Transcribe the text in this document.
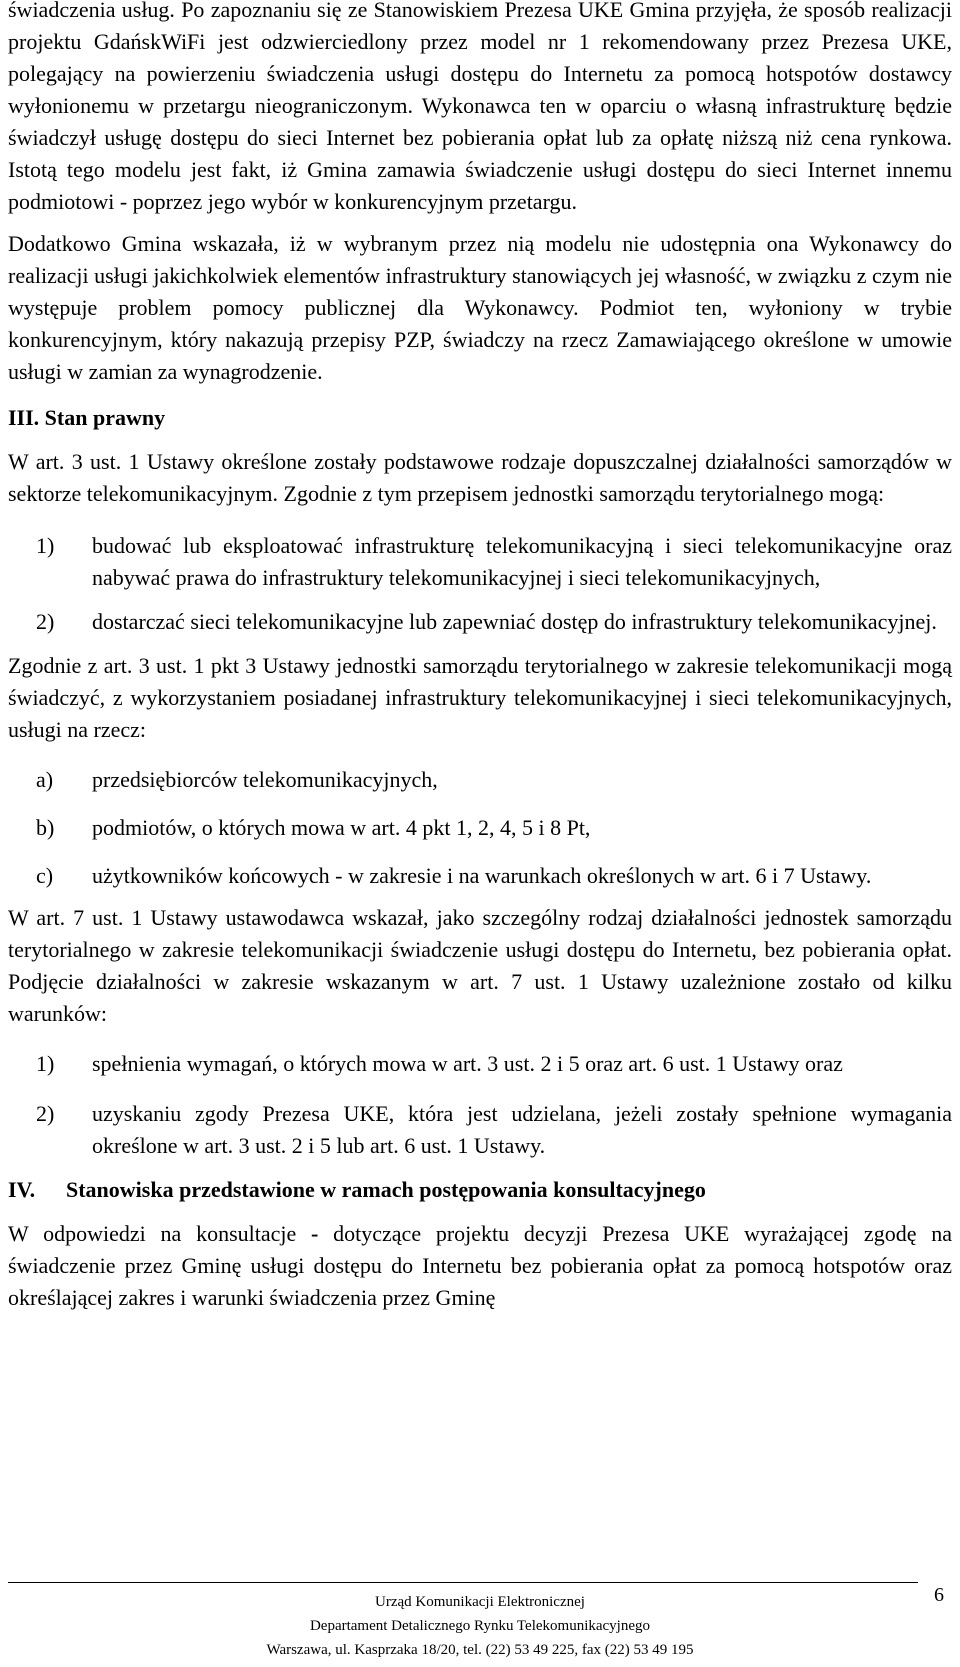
świadczenia usług. Po zapoznaniu się ze Stanowiskiem Prezesa UKE Gmina przyjęła, że sposób realizacji projektu GdańskWiFi jest odzwierciedlony przez model nr 1 rekomendowany przez Prezesa UKE, polegający na powierzeniu świadczenia usługi dostępu do Internetu za pomocą hotspotów dostawcy wyłonionemu w przetargu nieograniczonym. Wykonawca ten w oparciu o własną infrastrukturę będzie świadczył usługę dostępu do sieci Internet bez pobierania opłat lub za opłatę niższą niż cena rynkowa. Istotą tego modelu jest fakt, iż Gmina zamawia świadczenie usługi dostępu do sieci Internet innemu podmiotowi - poprzez jego wybór w konkurencyjnym przetargu.

Dodatkowo Gmina wskazała, iż w wybranym przez nią modelu nie udostępnia ona Wykonawcy do realizacji usługi jakichkolwiek elementów infrastruktury stanowiących jej własność, w związku z czym nie występuje problem pomocy publicznej dla Wykonawcy. Podmiot ten, wyłoniony w trybie konkurencyjnym, który nakazują przepisy PZP, świadczy na rzecz Zamawiającego określone w umowie usługi w zamian za wynagrodzenie.

III. Stan prawny

W art. 3 ust. 1 Ustawy określone zostały podstawowe rodzaje dopuszczalnej działalności samorządów w sektorze telekomunikacyjnym. Zgodnie z tym przepisem jednostki samorządu terytorialnego mogą:

1)	budować lub eksploatować infrastrukturę telekomunikacyjną i sieci telekomunikacyjne oraz nabywać prawa do infrastruktury telekomunikacyjnej i sieci telekomunikacyjnych,
2)	dostarczać sieci telekomunikacyjne lub zapewniać dostęp do infrastruktury telekomunikacyjnej.

Zgodnie z art. 3 ust. 1 pkt 3 Ustawy jednostki samorządu terytorialnego w zakresie telekomunikacji mogą świadczyć, z wykorzystaniem posiadanej infrastruktury telekomunikacyjnej i sieci telekomunikacyjnych, usługi na rzecz:

a)	przedsiębiorców telekomunikacyjnych,
b)	podmiotów, o których mowa w art. 4 pkt 1, 2, 4, 5 i 8 Pt,
c)	użytkowników końcowych - w zakresie i na warunkach określonych w art. 6 i 7 Ustawy.

W art. 7 ust. 1 Ustawy ustawodawca wskazał, jako szczególny rodzaj działalności jednostek samorządu terytorialnego w zakresie telekomunikacji świadczenie usługi dostępu do Internetu, bez pobierania opłat. Podjęcie działalności w zakresie wskazanym w art. 7 ust. 1 Ustawy uzależnione zostało od kilku warunków:

1)	spełnienia wymagań, o których mowa w art. 3 ust. 2 i 5 oraz art. 6 ust. 1 Ustawy oraz
2)	uzyskaniu zgody Prezesa UKE, która jest udzielana, jeżeli zostały spełnione wymagania określone w art. 3 ust. 2 i 5 lub art. 6 ust. 1 Ustawy.

IV.	Stanowiska przedstawione w ramach postępowania konsultacyjnego

W odpowiedzi na konsultacje - dotyczące projektu decyzji Prezesa UKE wyrażającej zgodę na świadczenie przez Gminę usługi dostępu do Internetu bez pobierania opłat za pomocą hotspotów oraz określającej zakres i warunki świadczenia przez Gminę

6
Urząd Komunikacji Elektronicznej
Departament Detalicznego Rynku Telekomunikacyjnego
Warszawa, ul. Kasprzaka 18/20, tel. (22) 53 49 225, fax (22) 53 49 195
